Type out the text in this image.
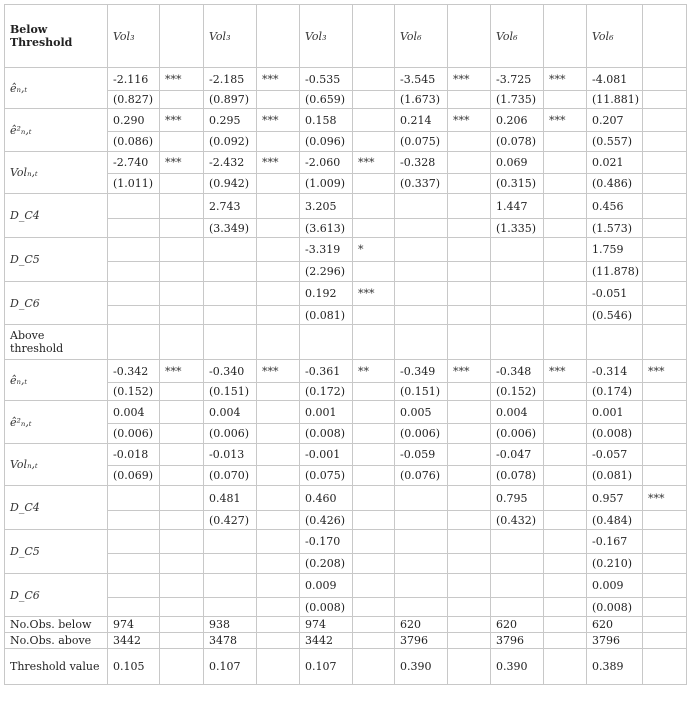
Below
Threshold	Vol₃		Vol₃		Vol₃		Vol₆		Vol₆		Vol₆	
êₙ,ₜ	-2.116	***	-2.185	***	-0.535		-3.545	***	-3.725	***	-4.081	
	(0.827)		(0.897)		(0.659)		(1.673)		(1.735)		(11.881)	
ê²ₙ,ₜ	0.290	***	0.295	***	0.158		0.214	***	0.206	***	0.207	
	(0.086)		(0.092)		(0.096)		(0.075)		(0.078)		(0.557)	
Volₙ,ₜ	-2.740	***	-2.432	***	-2.060	***	-0.328		0.069		0.021	
	(1.011)		(0.942)		(1.009)		(0.337)		(0.315)		(0.486)	
D_C4			2.743		3.205				1.447		0.456	
			(3.349)		(3.613)				(1.335)		(1.573)	
D_C5					-3.319	*					1.759	
					(2.296)						(11.878)	
D_C6					0.192	***					-0.051	
					(0.081)						(0.546)	
Above
threshold												
êₙ,ₜ	-0.342	***	-0.340	***	-0.361	**	-0.349	***	-0.348	***	-0.314	***
	(0.152)		(0.151)		(0.172)		(0.151)		(0.152)		(0.174)	
ê²ₙ,ₜ	0.004		0.004		0.001		0.005		0.004		0.001	
	(0.006)		(0.006)		(0.008)		(0.006)		(0.006)		(0.008)	
Volₙ,ₜ	-0.018		-0.013		-0.001		-0.059		-0.047		-0.057	
	(0.069)		(0.070)		(0.075)		(0.076)		(0.078)		(0.081)	
D_C4			0.481		0.460				0.795		0.957	***
			(0.427)		(0.426)				(0.432)		(0.484)	
D_C5					-0.170						-0.167	
					(0.208)						(0.210)	
D_C6					0.009						0.009	
					(0.008)						(0.008)	
No.Obs. below	974		938		974		620		620		620	
No.Obs. above	3442		3478		3442		3796		3796		3796	
Threshold value	0.105		0.107		0.107		0.390		0.390		0.389	
